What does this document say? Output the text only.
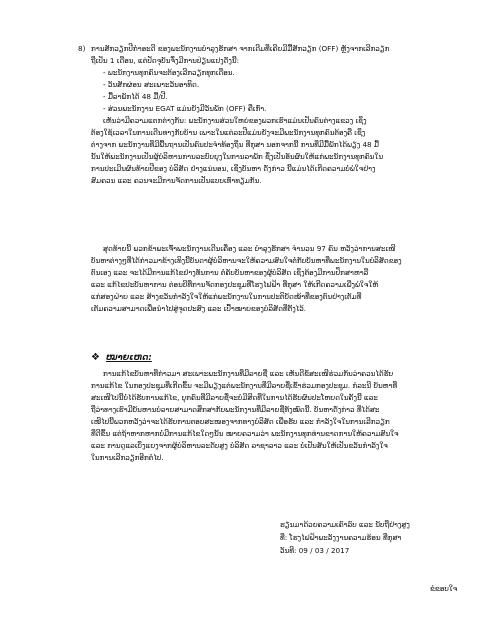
8) ການສັກວຽກປີກຳອະດີ ຂອງພະນັກງານບຳລຸງຮັກສາ ຈາກເດີມທີ່ເຄີຍມີມື້ສັກວຽກ (OFF) ຫຼັງຈາກເລີກວຽກ
ຖືເປັນ 1 ເດືອນ, ແຕ່ປັດຈຸບັນຈຶ່ງມີການປ່ຽນແປງດັ່ງນີ້:
- ພະນັກງານທຸກຄົນຈະຕ້ອງເລີກວຽກທຸກເດືອນ.
- ວັນສັກຜ່ອນ ສະເພາະວັນອາທິດ.
- ມື້ລາພັກໄດ້ 48 ມື້/ປີ.
- ສ່ວນພະນັກງານ EGAT ແມ່ນຍັງມີວັນພັກ (OFF) ຄືເກົ່າ.
ເຫັນວ່າມີຄວາມແຕກຕ່າງກັນ: ພະນັກງານສ່ວນໃຫຍ່ຂອງພວກເຮົາແມ່ນເປັນຄົນຕ່າງແຂວງ ເຊິ່ງ
ຕ້ອງໃຊ້ເວລາໃນການເດີນທາງກັບບ້ານ ເພາະໃນແຕ່ລະປີແມ່ນຍັງຈະມີພະນັກງານທຸກຄົນຕ້ອງຄື ເຊິ່ງ
ຕ່າງຈາກ ພະນັກງານທີ່ມີພື້ນຖານເປັນຄົນປະຈຳທ້ອງຖິ່ນ ທີ່ກຸສາ ນອກຈາກນີ້ ການທີ່ມີມື້ພັກໄດ້ພຽງ 48 ມື້
ນັ້ນໃຫ້ພະນັກງານເປັນຜູ້ບໍລິຫານການລະບົບຍຸງໃນການລາພັກ ຊຶ່ງເປັນອັນຜົນໃຫ້ແກ່ພະນັກງານທຸກຄົນໃນ
ການປະເມີນຜົນທ້າຍປີຂອງ ບໍລິສັດ ຢ່າງແນ່ນອນ, ເຊິ່ງບັນຫາ ດັ່ງກ່າວ ນີ້ແມ່ນໄດ້ເກີດຄວາມບໍ່ພໍໃຈຢ່າງ
ສົມຄວນ ແລະ ຄວນຈະມີການຈັດການເປັນແບບເທົ່າທຽມກັນ.
ສຸດທ້າຍນີ້ ພວກຂ້າພະເຈົ້າພະນັກງານເດີນເຄື່ອງ ແລະ ບຳລຸງຮັກສາ ຈຳນວນ 97 ຄົນ ຫວັງວ່າການສະເໜີ
ບັນຫາຕ່າງໆທີ່ໄດ້ກ່າວມາຂ້າງເທິງນີ້ບັນດາຜູ້ບໍລິຫານຈະໃຫ້ຄວາມສົນໃຈຕໍ່ກັບບັນຫາທີ່ພະນັກງານໃນບໍລິສັດຂອງ
ຕົນເອງ ແລະ ຈະໄດ້ມີການແກ້ໄຂຢ່າງທັນການ ຕໍ່ຄັບບັນຫາຂອງຜູ້ບໍລິສັດ ເຊິ່ງຕ້ອງມີການປຶກສາຫາລື
ແລະ ແກ້ໄຂປະບັນຫາການ ຕ່ອນບີທີ່ການຈັດກອງປະຊຸມທີ່ໂຮງໄຟຟ້າ ທີ່ກຸສາ ໃຫ້ເກີດຄວາມເພີ່ງພໍໃຈໃຫ້
ແກ່ສອງຝ່າຍ ແລະ ສ້າງຂວັນກຳລັງໃຈໃຫ້ແກ່ພະນັກງານໃນການປະຕິບັດໜ້າທີ່ຂອງຕົນຢ່າງເຕັມທີ່
ເຕັມຄວາມສາມາດເພື່ອນຳໄປສູ່ຈຸດປະສົງ ແລະ ເປົ້າໝາຍຂອງບໍລິສັດທີ່ຕັ້ງໄວ້.
❖ ໝາຍເຫດ:
ການແກ້ໄຂບັນຫາທີ່ກ່າວມາ ສະເພາະພະນັກງານທີ່ມີລາຍຊື່ ແລະ ເຫັນດີຂໍ້ສະເໜີຮ່ວມກັນວ່າຄວນໄດ້ຮັບ
ການແກ້ໄຂ ໃນກອງປະຊຸມທີ່ເກີດຂຶ້ນ ຈະມີພຽງແຕ່ພະນັກງານທີ່ມີລາຍຊື່ເຂົ້າຮ່ວມກອງປະຊຸມ. ກໍລະນີ ບັນຫາທີ່
ສະເໜີໄປນີ້ບໍ່ໄດ້ຮັບການແກ້ໄຂ, ບຸກຄົນທີ່ມີລາຍຊື່ຈະບໍ່ມີສິດທີ່ໃນການໄດ້ຮັບຜົນປະໂຫຍດໃນຄັ້ງນີ້ ແລະ
ຖືວ່າທາງເຮົາມີບັນຫານບໍລາຍສາມາດສຶກສາກັບພະນັກງານທີ່ມີລາຍຊື່ທັງໝົດນີ້. ບັນຫາດັ່ງກ່າວ ທີ່ໄດ້ສະ
ເໜີໄປນີ້ພວກຫວັງວ່າຈະໄດ້ຮັບການຕອບສະໜອງຈາກທາງບໍລິສັດ ເພື່ອຮັບ ແລະ ກຳລັງໃຈໃນການເລີກວຽກ
ທີ່ດີຂຶ້ນ ແຕ່ຖ້າຫາກຫາກບໍ່ມີການແກ້ໄຂໃດໆນັ້ນ ໝາຍຄວາມວ່າ ພະນັກງານທຸກທ່ານຂາດການໃຫ້ຄວາມສົນໃຈ
ແລະ ການດູແລເບິ່ງແຍງຈາກຜູ້ບໍລິຫານລະດັບສູງ ບໍລິສັດ ລາຊາລາວ ແລະ ບໍ່ເປັນສັນໃຫ້ເປັນຂວັນກຳລັງໃຈ
ໃນການເລີກວຽກອີກຕໍ່ໄປ.
ຮຽນມາດ້ວຍຄວາມເຄົາລົບ ແລະ ນັບຖືຢ່າງສູງ
ທີ່: ໂຮງໄຟຟ້າພະລັງງານຄວາມຮ້ອນ ທີ່ກຸສາ
ວັນທີ: 09 / 03 / 2017
ຂໍຂອບໃຈ
